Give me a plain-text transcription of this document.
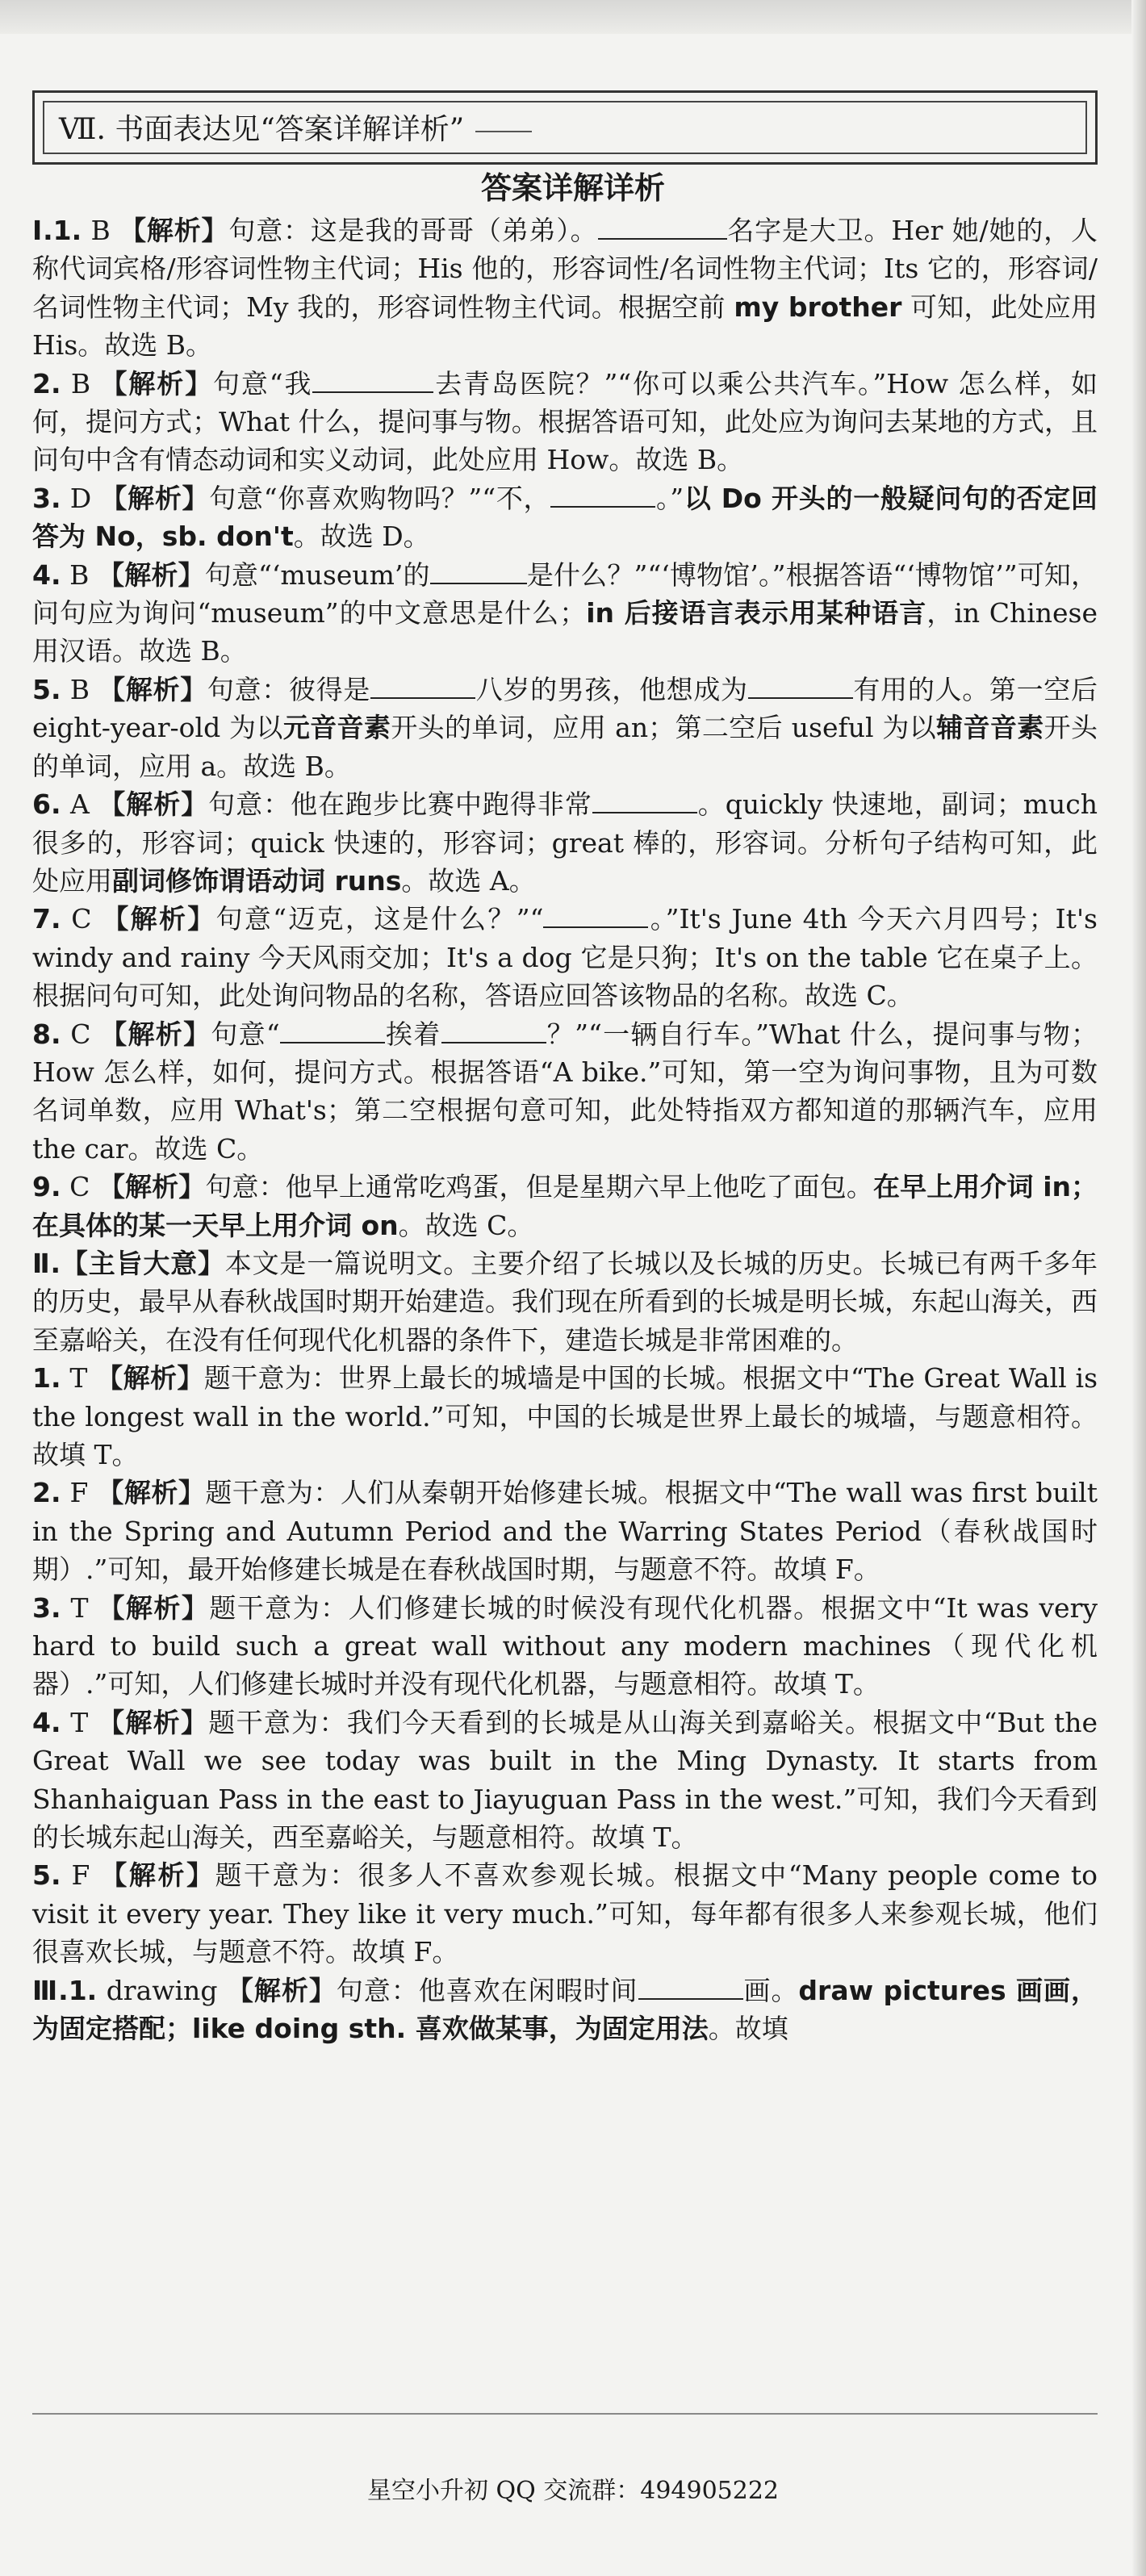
Ⅶ. 书面表达见“答案详解详析”
答案详解详析

Ⅰ.1. B 【解析】句意：这是我的哥哥（弟弟）。	名字是大卫。Her 她/她的，人称代词宾格/形容词性物主代词；His 他的，形容词性/名词性物主代词；Its 它的，形容词/名词性物主代词；My 我的，形容词性物主代词。根据空前 my brother 可知，此处应用 His。故选 B。

2. B 【解析】句意“我	去青岛医院？”“你可以乘公共汽车。”How 怎么样，如何，提问方式；What 什么，提问事与物。根据答语可知，此处应为询问去某地的方式，且问句中含有情态动词和实义动词，此处应用 How。故选 B。

3. D 【解析】句意“你喜欢购物吗？”“不，	。”以 Do 开头的一般疑问句的否定回答为 No，sb. don't。故选 D。

4. B 【解析】句意“‘museum’的	是什么？”“‘博物馆’。”根据答语“‘博物馆’”可知，问句应为询问“museum”的中文意思是什么；in 后接语言表示用某种语言，in Chinese 用汉语。故选 B。

5. B 【解析】句意：彼得是	八岁的男孩，他想成为	有用的人。第一空后 eight-year-old 为以元音音素开头的单词，应用 an；第二空后 useful 为以辅音音素开头的单词，应用 a。故选 B。

6. A 【解析】句意：他在跑步比赛中跑得非常	。quickly 快速地，副词；much 很多的，形容词；quick 快速的，形容词；great 棒的，形容词。分析句子结构可知，此处应用副词修饰谓语动词 runs。故选 A。

7. C 【解析】句意“迈克，这是什么？”“	。”It's June 4th 今天六月四号；It's windy and rainy 今天风雨交加；It's a dog 它是只狗；It's on the table 它在桌子上。根据问句可知，此处询问物品的名称，答语应回答该物品的名称。故选 C。

8. C 【解析】句意“	挨着	？”“一辆自行车。”What 什么，提问事与物；How 怎么样，如何，提问方式。根据答语“A bike.”可知，第一空为询问事物，且为可数名词单数，应用 What's；第二空根据句意可知，此处特指双方都知道的那辆汽车，应用 the car。故选 C。

9. C 【解析】句意：他早上通常吃鸡蛋，但是星期六早上他吃了面包。在早上用介词 in；在具体的某一天早上用介词 on。故选 C。

Ⅱ.【主旨大意】本文是一篇说明文。主要介绍了长城以及长城的历史。长城已有两千多年的历史，最早从春秋战国时期开始建造。我们现在所看到的长城是明长城，东起山海关，西至嘉峪关，在没有任何现代化机器的条件下，建造长城是非常困难的。

1. T 【解析】题干意为：世界上最长的城墙是中国的长城。根据文中“The Great Wall is the longest wall in the world.”可知，中国的长城是世界上最长的城墙，与题意相符。故填 T。

2. F 【解析】题干意为：人们从秦朝开始修建长城。根据文中“The wall was first built in the Spring and Autumn Period and the Warring States Period（春秋战国时期）.”可知，最开始修建长城是在春秋战国时期，与题意不符。故填 F。

3. T 【解析】题干意为：人们修建长城的时候没有现代化机器。根据文中“It was very hard to build such a great wall without any modern machines（现代化机器）.”可知，人们修建长城时并没有现代化机器，与题意相符。故填 T。

4. T 【解析】题干意为：我们今天看到的长城是从山海关到嘉峪关。根据文中“But the Great Wall we see today was built in the Ming Dynasty. It starts from Shanhaiguan Pass in the east to Jiayuguan Pass in the west.”可知，我们今天看到的长城东起山海关，西至嘉峪关，与题意相符。故填 T。

5. F 【解析】题干意为：很多人不喜欢参观长城。根据文中“Many people come to visit it every year. They like it very much.”可知，每年都有很多人来参观长城，他们很喜欢长城，与题意不符。故填 F。

Ⅲ.1. drawing 【解析】句意：他喜欢在闲暇时间	画。draw pictures 画画，为固定搭配；like doing sth. 喜欢做某事，为固定用法。故填

星空小升初 QQ 交流群：494905222
